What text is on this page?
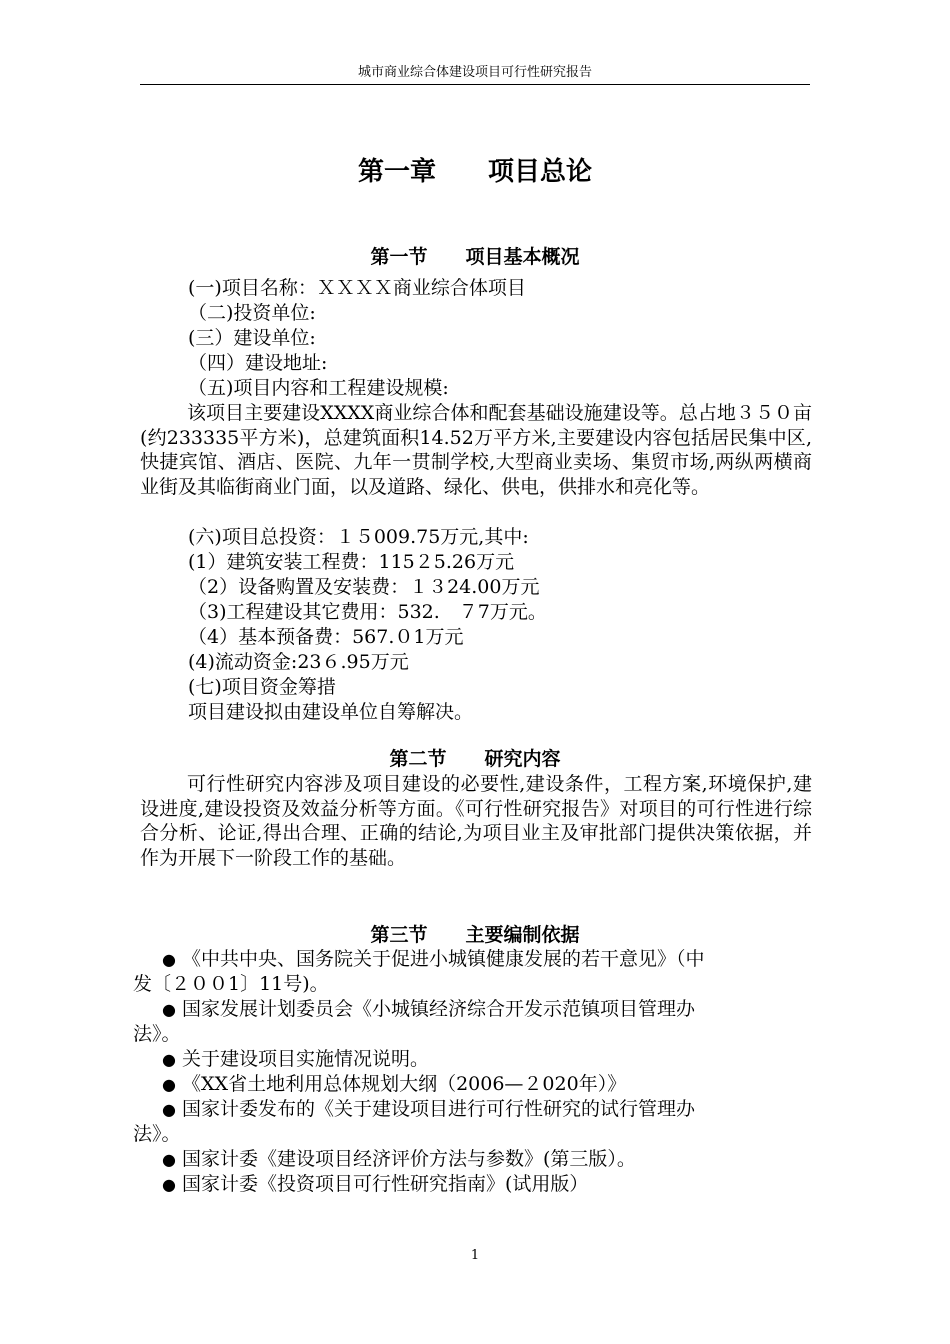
城市商业综合体建设项目可行性研究报告
第一章　　项目总论
第一节　　项目基本概况
(一)项目名称：ＸＸＸＸ商业综合体项目
（二)投资单位:
(三）建设单位:
（四）建设地址:
（五)项目内容和工程建设规模:
该项目主要建设XXXX商业综合体和配套基础设施建设等。总占地３５０亩(约233335平方米)，总建筑面积14.52万平方米,主要建设内容包括居民集中区,快捷宾馆、酒店、医院、九年一贯制学校,大型商业卖场、集贸市场,两纵两横商业街及其临街商业门面，以及道路、绿化、供电，供排水和亮化等。
(六)项目总投资：１５009.75万元,其中:
(1）建筑安装工程费：115２5.26万元
（2）设备购置及安装费：１３24.00万元
（3)工程建设其它费用：532.　７7万元。
（4）基本预备费：567.０1万元
(4)流动资金:23６.95万元
(七)项目资金筹措
项目建设拟由建设单位自筹解决。
第二节　　研究内容
可行性研究内容涉及项目建设的必要性,建设条件，工程方案,环境保护,建设进度,建设投资及效益分析等方面。《可行性研究报告》对项目的可行性进行综合分析、论证,得出合理、正确的结论,为项目业主及审批部门提供决策依据，并作为开展下一阶段工作的基础。
第三节　　主要编制依据
● 《中共中央、国务院关于促进小城镇健康发展的若干意见》（中
发〔２００1〕11号)。
● 国家发展计划委员会《小城镇经济综合开发示范镇项目管理办
法》。
● 关于建设项目实施情况说明。
● 《XX省土地利用总体规划大纲（2006—２020年）》
● 国家计委发布的《关于建设项目进行可行性研究的试行管理办
法》。
● 国家计委《建设项目经济评价方法与参数》(第三版）。
● 国家计委《投资项目可行性研究指南》(试用版）
1
